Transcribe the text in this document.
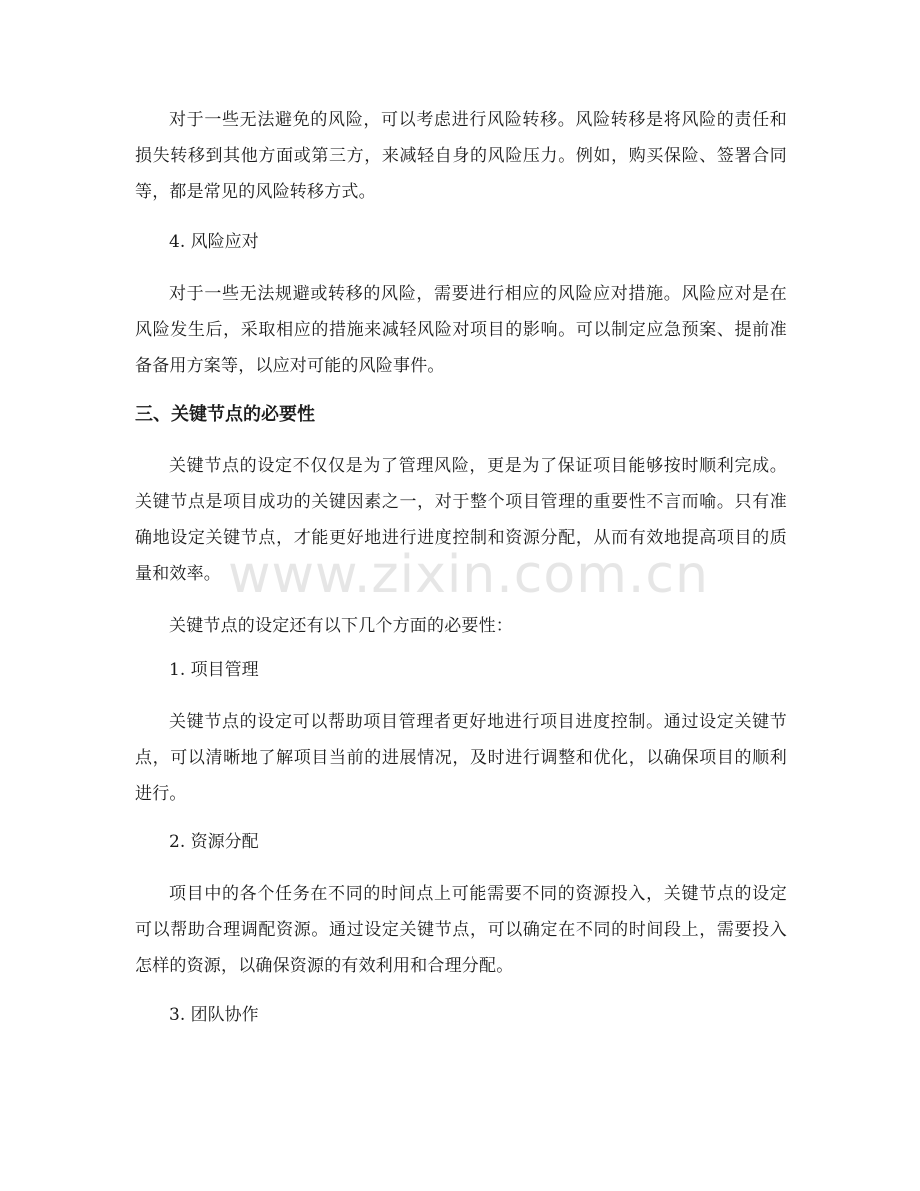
对于一些无法避免的风险，可以考虑进行风险转移。风险转移是将风险的责任和损失转移到其他方面或第三方，来减轻自身的风险压力。例如，购买保险、签署合同等，都是常见的风险转移方式。

4. 风险应对

对于一些无法规避或转移的风险，需要进行相应的风险应对措施。风险应对是在风险发生后，采取相应的措施来减轻风险对项目的影响。可以制定应急预案、提前准备备用方案等，以应对可能的风险事件。

三、关键节点的必要性

关键节点的设定不仅仅是为了管理风险，更是为了保证项目能够按时顺利完成。关键节点是项目成功的关键因素之一，对于整个项目管理的重要性不言而喻。只有准确地设定关键节点，才能更好地进行进度控制和资源分配，从而有效地提高项目的质量和效率。

关键节点的设定还有以下几个方面的必要性：

1. 项目管理

关键节点的设定可以帮助项目管理者更好地进行项目进度控制。通过设定关键节点，可以清晰地了解项目当前的进展情况，及时进行调整和优化，以确保项目的顺利进行。

2. 资源分配

项目中的各个任务在不同的时间点上可能需要不同的资源投入，关键节点的设定可以帮助合理调配资源。通过设定关键节点，可以确定在不同的时间段上，需要投入怎样的资源，以确保资源的有效利用和合理分配。

3. 团队协作

www.zixin.com.cn
